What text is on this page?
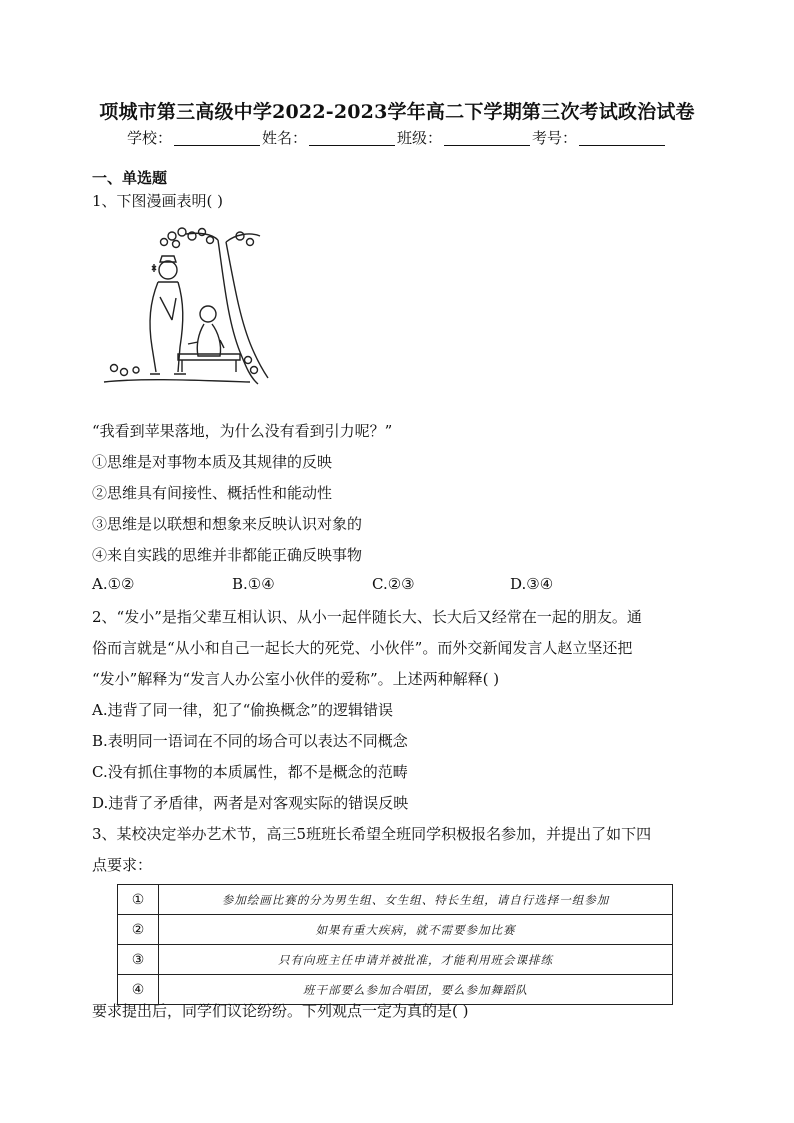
项城市第三高级中学2022-2023学年高二下学期第三次考试政治试卷
学校：	姓名：	班级：	考号：
一、单选题
1、下图漫画表明( )
“我看到苹果落地，为什么没有看到引力呢？”
①思维是对事物本质及其规律的反映
②思维具有间接性、概括性和能动性
③思维是以联想和想象来反映认识对象的
④来自实践的思维并非都能正确反映事物
A.①②	B.①④	C.②③	D.③④
2、“发小”是指父辈互相认识、从小一起伴随长大、长大后又经常在一起的朋友。通
俗而言就是“从小和自己一起长大的死党、小伙伴”。而外交新闻发言人赵立坚还把
“发小”解释为“发言人办公室小伙伴的爱称”。上述两种解释( )
A.违背了同一律，犯了“偷换概念”的逻辑错误
B.表明同一语词在不同的场合可以表达不同概念
C.没有抓住事物的本质属性，都不是概念的范畴
D.违背了矛盾律，两者是对客观实际的错误反映
3、某校决定举办艺术节，高三5班班长希望全班同学积极报名参加，并提出了如下四
点要求：
①	参加绘画比赛的分为男生组、女生组、特长生组，请自行选择一组参加
②	如果有重大疾病，就不需要参加比赛
③	只有向班主任申请并被批准，才能利用班会课排练
④	班干部要么参加合唱团，要么参加舞蹈队
要求提出后，同学们议论纷纷。下列观点一定为真的是( )
